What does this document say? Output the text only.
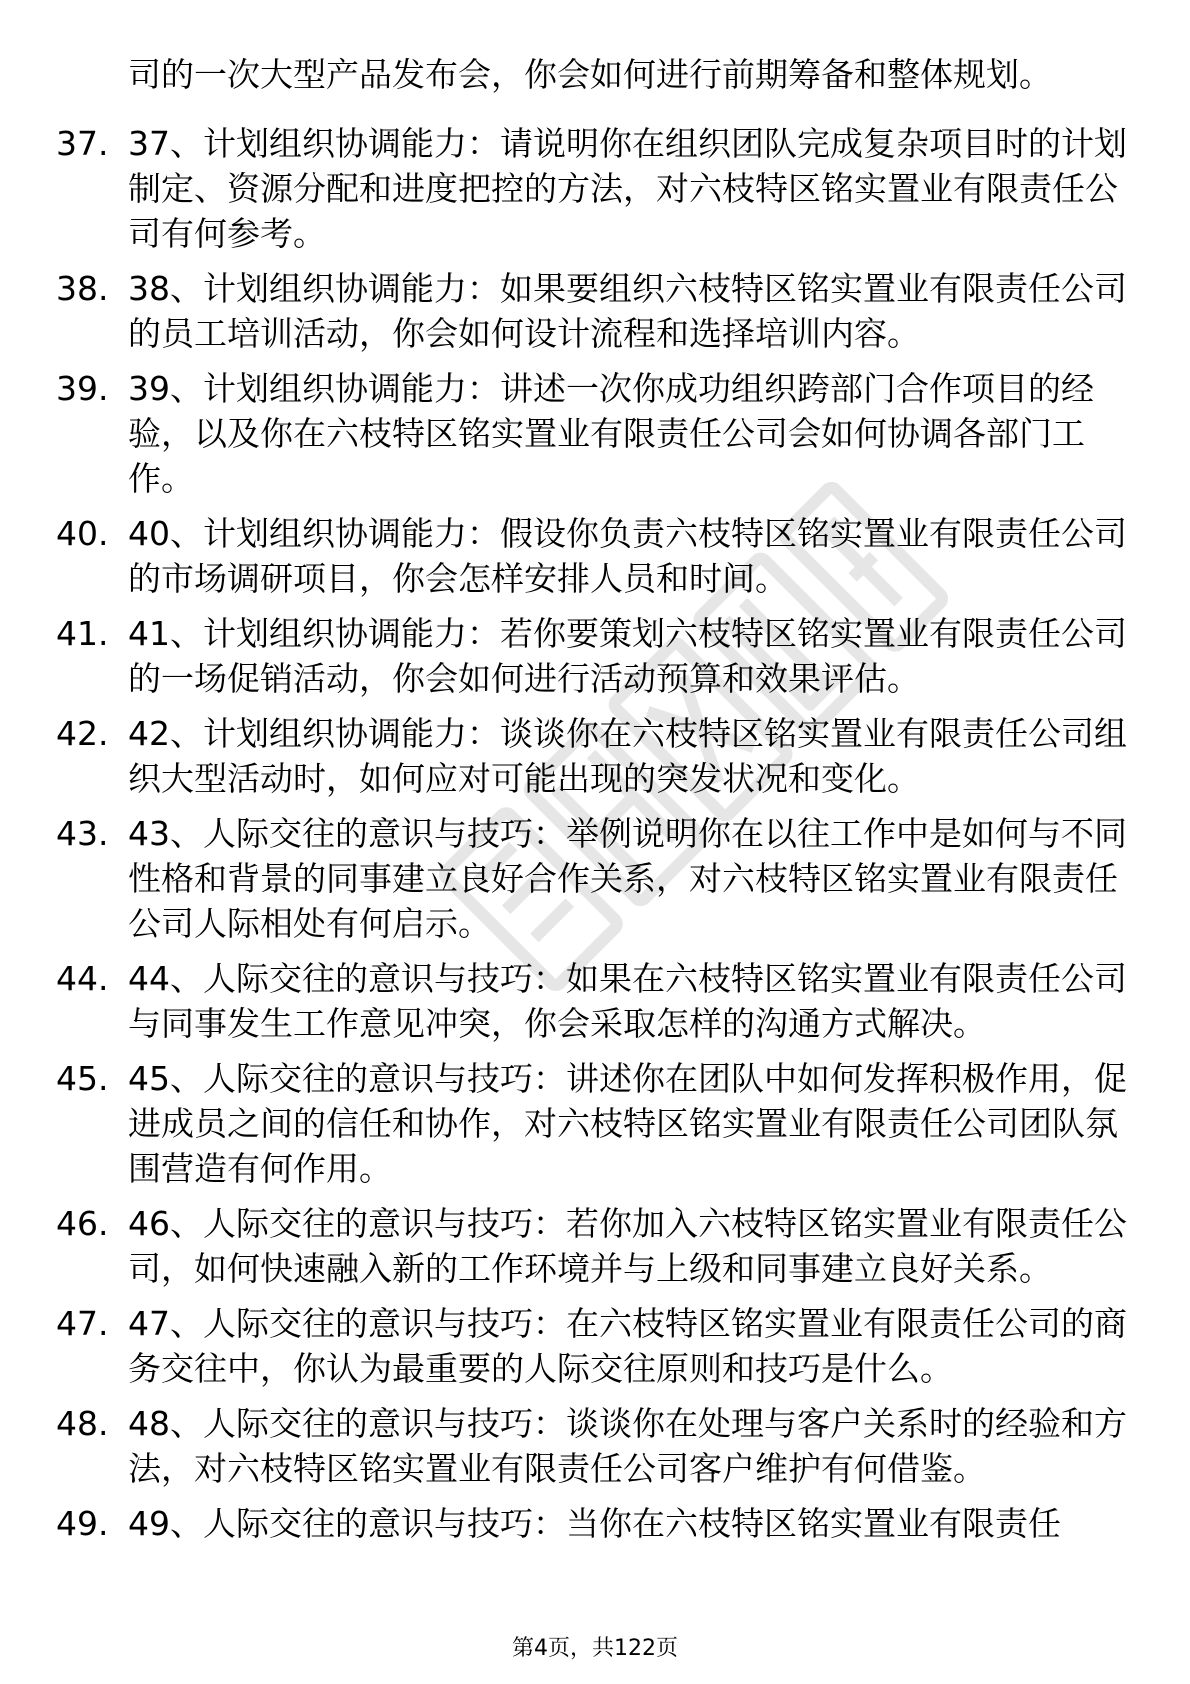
司的一次大型产品发布会，你会如何进行前期筹备和整体规划。

37. 37、计划组织协调能力：请说明你在组织团队完成复杂项目时的计划制定、资源分配和进度把控的方法，对六枝特区铭实置业有限责任公司有何参考。
38. 38、计划组织协调能力：如果要组织六枝特区铭实置业有限责任公司的员工培训活动，你会如何设计流程和选择培训内容。
39. 39、计划组织协调能力：讲述一次你成功组织跨部门合作项目的经验，以及你在六枝特区铭实置业有限责任公司会如何协调各部门工作。
40. 40、计划组织协调能力：假设你负责六枝特区铭实置业有限责任公司的市场调研项目，你会怎样安排人员和时间。
41. 41、计划组织协调能力：若你要策划六枝特区铭实置业有限责任公司的一场促销活动，你会如何进行活动预算和效果评估。
42. 42、计划组织协调能力：谈谈你在六枝特区铭实置业有限责任公司组织大型活动时，如何应对可能出现的突发状况和变化。
43. 43、人际交往的意识与技巧：举例说明你在以往工作中是如何与不同性格和背景的同事建立良好合作关系，对六枝特区铭实置业有限责任公司人际相处有何启示。
44. 44、人际交往的意识与技巧：如果在六枝特区铭实置业有限责任公司与同事发生工作意见冲突，你会采取怎样的沟通方式解决。
45. 45、人际交往的意识与技巧：讲述你在团队中如何发挥积极作用，促进成员之间的信任和协作，对六枝特区铭实置业有限责任公司团队氛围营造有何作用。
46. 46、人际交往的意识与技巧：若你加入六枝特区铭实置业有限责任公司，如何快速融入新的工作环境并与上级和同事建立良好关系。
47. 47、人际交往的意识与技巧：在六枝特区铭实置业有限责任公司的商务交往中，你认为最重要的人际交往原则和技巧是什么。
48. 48、人际交往的意识与技巧：谈谈你在处理与客户关系时的经验和方法，对六枝特区铭实置业有限责任公司客户维护有何借鉴。
49. 49、人际交往的意识与技巧：当你在六枝特区铭实置业有限责任
第4页，共122页
